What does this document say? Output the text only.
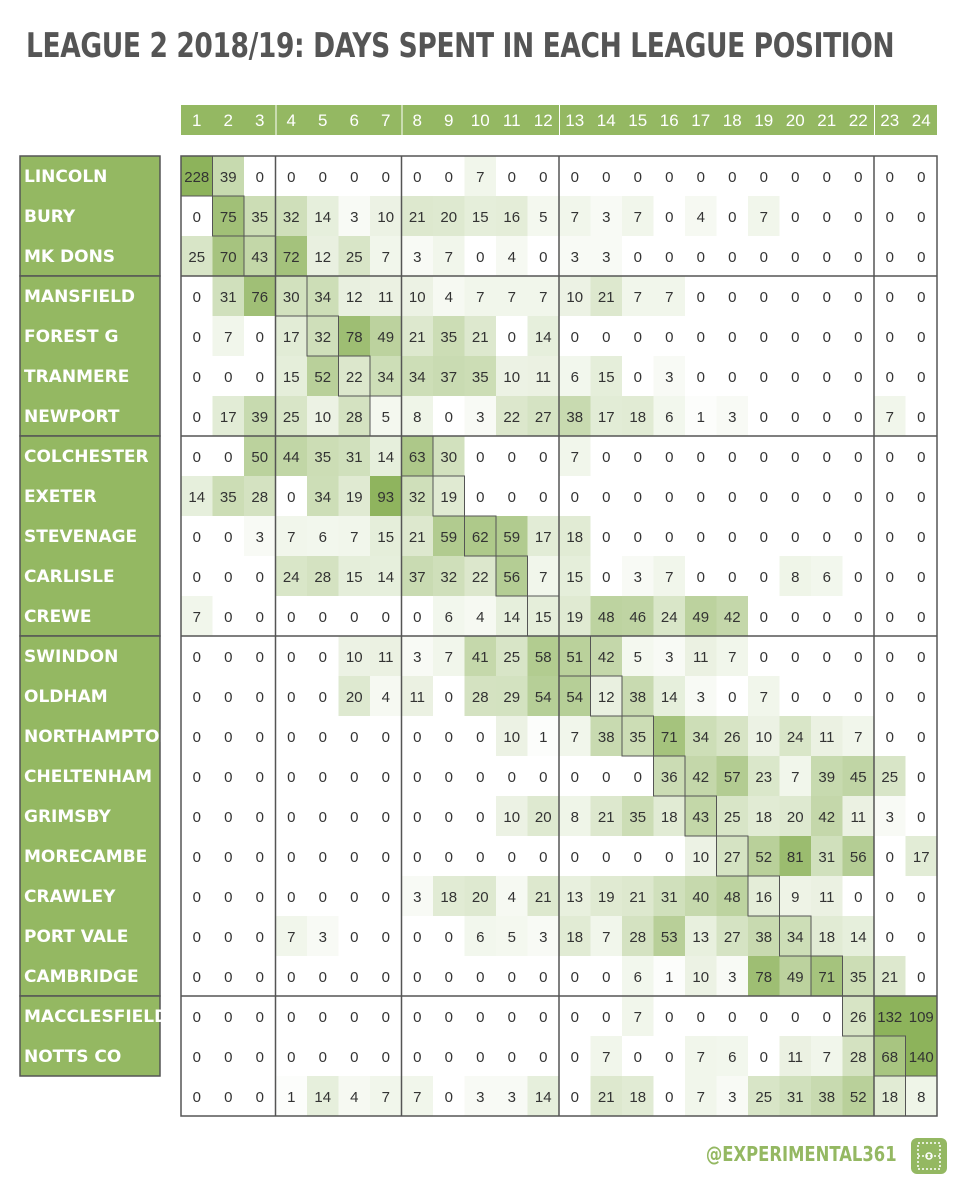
LEAGUE 2 2018/19: DAYS SPENT IN EACH LEAGUE POSITION
1 2 3 4 5 6 7 8 9 10 11 12 13 14 15 16 17 18 19 20 21 22 23 24
LINCOLN
BURY
MK DONS
MANSFIELD
FOREST G
TRANMERE
NEWPORT
COLCHESTER
EXETER
STEVENAGE
CARLISLE
CREWE
SWINDON
OLDHAM
NORTHAMPTON
CHELTENHAM
GRIMSBY
MORECAMBE
CRAWLEY
PORT VALE
CAMBRIDGE
MACCLESFIELD
NOTTS CO
YEOVIL
228 39 0 0 0 0 0 0 0 7 0 0 0 0 0 0 0 0 0 0 0 0 0 0
0 75 35 32 14 3 10 21 20 15 16 5 7 3 7 0 4 0 7 0 0 0 0 0
25 70 43 72 12 25 7 3 7 0 4 0 3 3 0 0 0 0 0 0 0 0 0 0
0 31 76 30 34 12 11 10 4 7 7 7 10 21 7 7 0 0 0 0 0 0 0 0
0 7 0 17 32 78 49 21 35 21 0 14 0 0 0 0 0 0 0 0 0 0 0 0
0 0 0 15 52 22 34 34 37 35 10 11 6 15 0 3 0 0 0 0 0 0 0 0
0 17 39 25 10 28 5 8 0 3 22 27 38 17 18 6 1 3 0 0 0 0 7 0
0 0 50 44 35 31 14 63 30 0 0 0 7 0 0 0 0 0 0 0 0 0 0 0
14 35 28 0 34 19 93 32 19 0 0 0 0 0 0 0 0 0 0 0 0 0 0 0
0 0 3 7 6 7 15 21 59 62 59 17 18 0 0 0 0 0 0 0 0 0 0 0
0 0 0 24 28 15 14 37 32 22 56 7 15 0 3 7 0 0 0 8 6 0 0 0
7 0 0 0 0 0 0 0 6 4 14 15 19 48 46 24 49 42 0 0 0 0 0 0
0 0 0 0 0 10 11 3 7 41 25 58 51 42 5 3 11 7 0 0 0 0 0 0
0 0 0 0 0 20 4 11 0 28 29 54 54 12 38 14 3 0 7 0 0 0 0 0
0 0 0 0 0 0 0 0 0 0 10 1 7 38 35 71 34 26 10 24 11 7 0 0
0 0 0 0 0 0 0 0 0 0 0 0 0 0 0 36 42 57 23 7 39 45 25 0
0 0 0 0 0 0 0 0 0 0 10 20 8 21 35 18 43 25 18 20 42 11 3 0
0 0 0 0 0 0 0 0 0 0 0 0 0 0 0 0 10 27 52 81 31 56 0 17
0 0 0 0 0 0 0 3 18 20 4 21 13 19 21 31 40 48 16 9 11 0 0 0
0 0 0 7 3 0 0 0 0 6 5 3 18 7 28 53 13 27 38 34 18 14 0 0
0 0 0 0 0 0 0 0 0 0 0 0 0 0 6 1 10 3 78 49 71 35 21 0
0 0 0 0 0 0 0 0 0 0 0 0 0 0 7 0 0 0 0 0 0 26 132 109
0 0 0 0 0 0 0 0 0 0 0 0 0 7 0 0 7 6 0 11 7 28 68 140
0 0 0 1 14 4 7 7 0 3 3 14 0 21 18 0 7 3 25 31 38 52 18 8
@EXPERIMENTAL361
